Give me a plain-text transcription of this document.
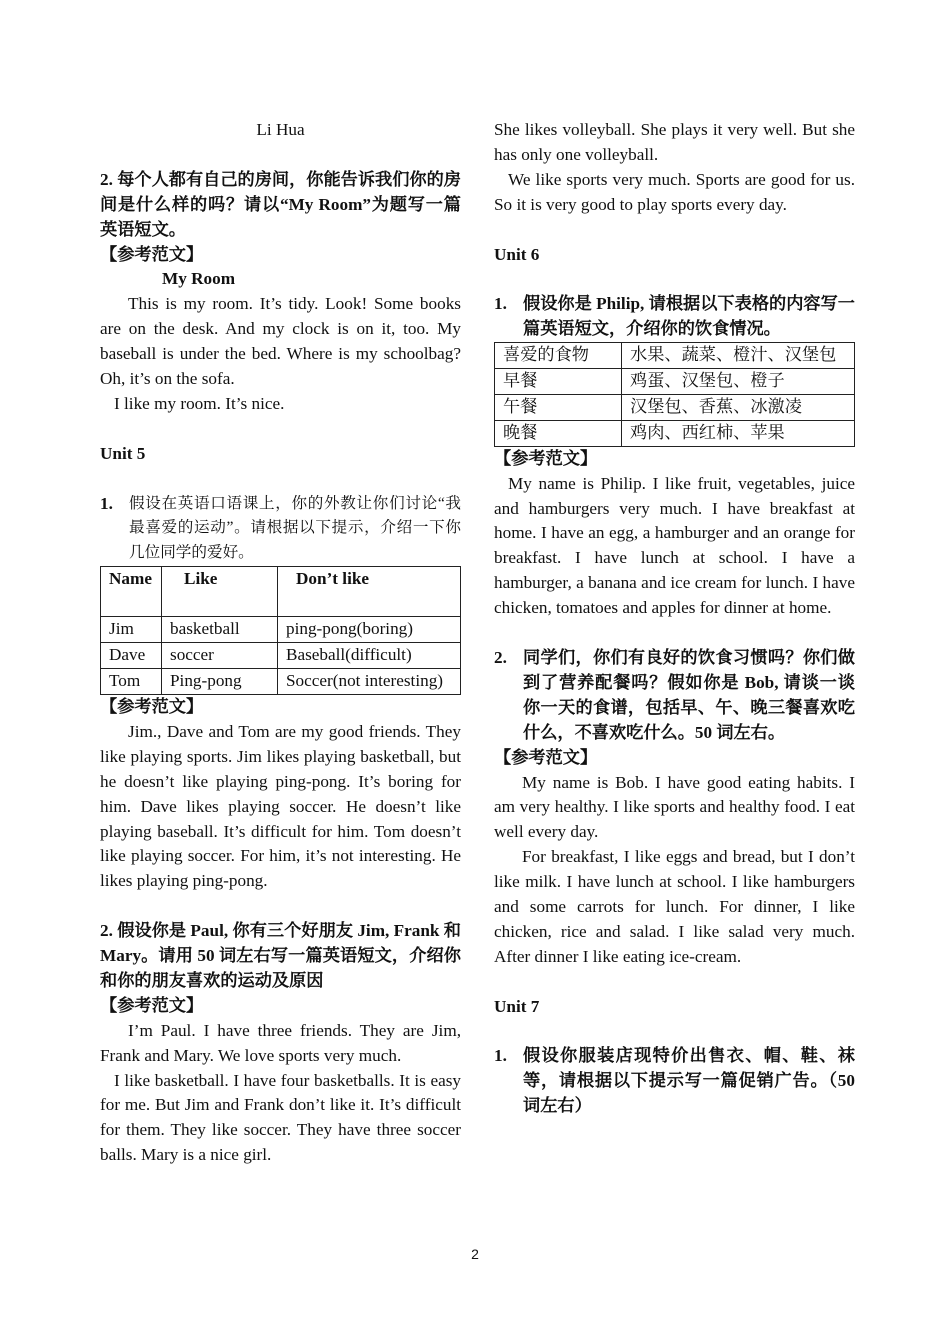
Li Hua

2. 每个人都有自己的房间，你能告诉我们你的房间是什么样的吗？请以“My Room”为题写一篇英语短文。

【参考范文】

My Room

This is my room. It’s tidy. Look! Some books are on the desk. And my clock is on it, too. My baseball is under the bed. Where is my schoolbag? Oh, it’s on the sofa.

I like my room. It’s nice.

Unit 5

1.	假设在英语口语课上，你的外教让你们讨论“我最喜爱的运动”。请根据以下提示，介绍一下你几位同学的爱好。
Name	Like	Don’t like
Jim	basketball	ping-pong(boring)
Dave	soccer	Baseball(difficult)
Tom	Ping-pong	Soccer(not interesting)

【参考范文】

Jim., Dave and Tom are my good friends. They like playing sports. Jim likes playing basketball, but he doesn’t like playing ping-pong. It’s boring for him. Dave likes playing soccer. He doesn’t like playing baseball. It’s difficult for him. Tom doesn’t like playing soccer. For him, it’s not interesting. He likes playing ping-pong.

2. 假设你是 Paul, 你有三个好朋友 Jim, Frank 和 Mary。请用 50 词左右写一篇英语短文，介绍你和你的朋友喜欢的运动及原因

【参考范文】

I’m Paul. I have three friends. They are Jim, Frank and Mary. We love sports very much.

I like basketball. I have four basketballs. It is easy for me. But Jim and Frank don’t like it. It’s difficult for them. They like soccer. They have three soccer balls. Mary is a nice girl.

She likes volleyball. She plays it very well. But she has only one volleyball.

We like sports very much. Sports are good for us. So it is very good to play sports every day.

Unit 6

1. 假设你是 Philip, 请根据以下表格的内容写一篇英语短文，介绍你的饮食情况。
喜爱的食物	水果、蔬菜、橙汁、汉堡包
早餐	鸡蛋、汉堡包、橙子
午餐	汉堡包、香蕉、冰激凌
晚餐	鸡肉、西红柿、苹果

【参考范文】

My name is Philip. I like fruit, vegetables, juice and hamburgers very much. I have breakfast at home. I have an egg, a hamburger and an orange for breakfast. I have lunch at school. I have a hamburger, a banana and ice cream for lunch. I have chicken, tomatoes and apples for dinner at home.

2. 同学们，你们有良好的饮食习惯吗？你们做到了营养配餐吗？假如你是 Bob, 请谈一谈你一天的食谱，包括早、午、晚三餐喜欢吃什么，不喜欢吃什么。50 词左右。

【参考范文】

My name is Bob. I have good eating habits. I am very healthy. I like sports and healthy food. I eat well every day.

For breakfast, I like eggs and bread, but I don’t like milk. I have lunch at school. I like hamburgers and some carrots for lunch. For dinner, I like chicken, rice and salad. I like salad very much. After dinner I like eating ice-cream.

Unit 7

1. 假设你服装店现特价出售衣、帽、鞋、袜等，请根据以下提示写一篇促销广告。（50 词左右）
2
